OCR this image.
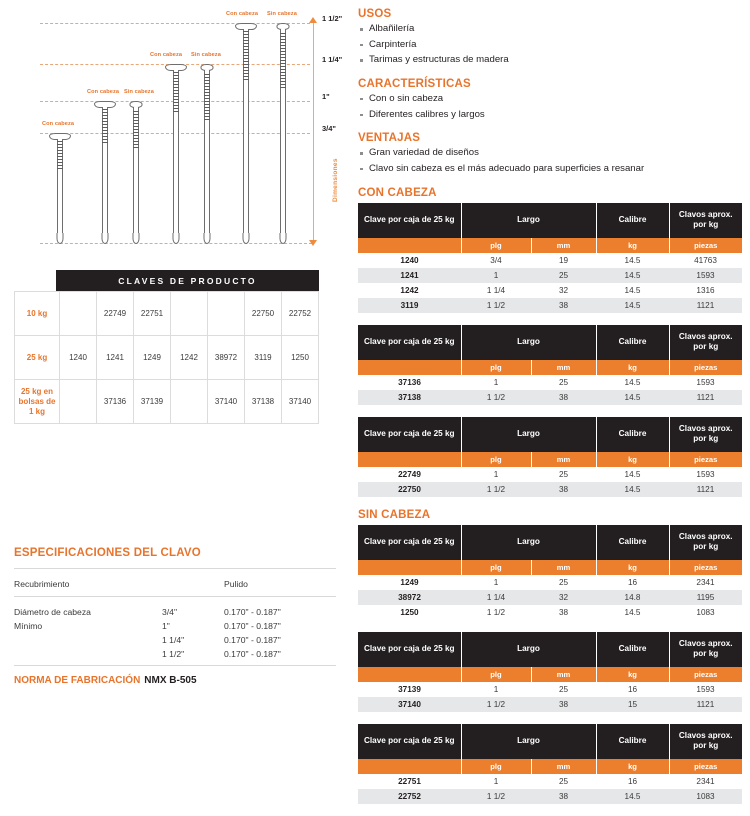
Con cabeza
Con cabeza Sin cabeza
Con cabeza Sin cabeza
Con cabeza Sin cabeza
Dimensiones
1 1/2"
1 1/4"
1"
3/4"
CLAVES DE PRODUCTO
10 kg		22749	22751			22750	22752
25 kg	1240	1241	1249	1242	38972	3119	1250
25 kg en bolsas de 1 kg		37136	37139		37140	37138	37140
ESPECIFICACIONES DEL CLAVO
Recubrimiento		Pulido
Diámetro de cabeza	3/4"	0.170" - 0.187"
Mínimo	1"	0.170" - 0.187"
	1 1/4"	0.170" - 0.187"
	1 1/2"	0.170" - 0.187"
NORMA DE FABRICACIÓN NMX B-505
USOS
Albañilería
Carpintería
Tarimas y estructuras de madera
CARACTERÍSTICAS
Con o sin cabeza
Diferentes calibres y largos
VENTAJAS
Gran variedad de diseños
Clavo sin cabeza es el más adecuado para superficies a resanar
CON CABEZA
Clave por caja de 25 kg	Largo		Calibre	Clavos aprox. por kg
	plg	mm	kg	piezas
1240	3/4	19	14.5	41763
1241	1	25	14.5	1593
1242	1 1/4	32	14.5	1316
3119	1 1/2	38	14.5	1121
Clave por caja de 25 kg	Largo		Calibre	Clavos aprox. por kg
	plg	mm	kg	piezas
37136	1	25	14.5	1593
37138	1 1/2	38	14.5	1121
Clave por caja de 25 kg	Largo		Calibre	Clavos aprox. por kg
	plg	mm	kg	piezas
22749	1	25	14.5	1593
22750	1 1/2	38	14.5	1121
SIN CABEZA
Clave por caja de 25 kg	Largo		Calibre	Clavos aprox. por kg
	plg	mm	kg	piezas
1249	1	25	16	2341
38972	1 1/4	32	14.8	1195
1250	1 1/2	38	14.5	1083
Clave por caja de 25 kg	Largo		Calibre	Clavos aprox. por kg
	plg	mm	kg	piezas
37139	1	25	16	1593
37140	1 1/2	38	15	1121
Clave por caja de 25 kg	Largo		Calibre	Clavos aprox. por kg
	plg	mm	kg	piezas
22751	1	25	16	2341
22752	1 1/2	38	14.5	1083
